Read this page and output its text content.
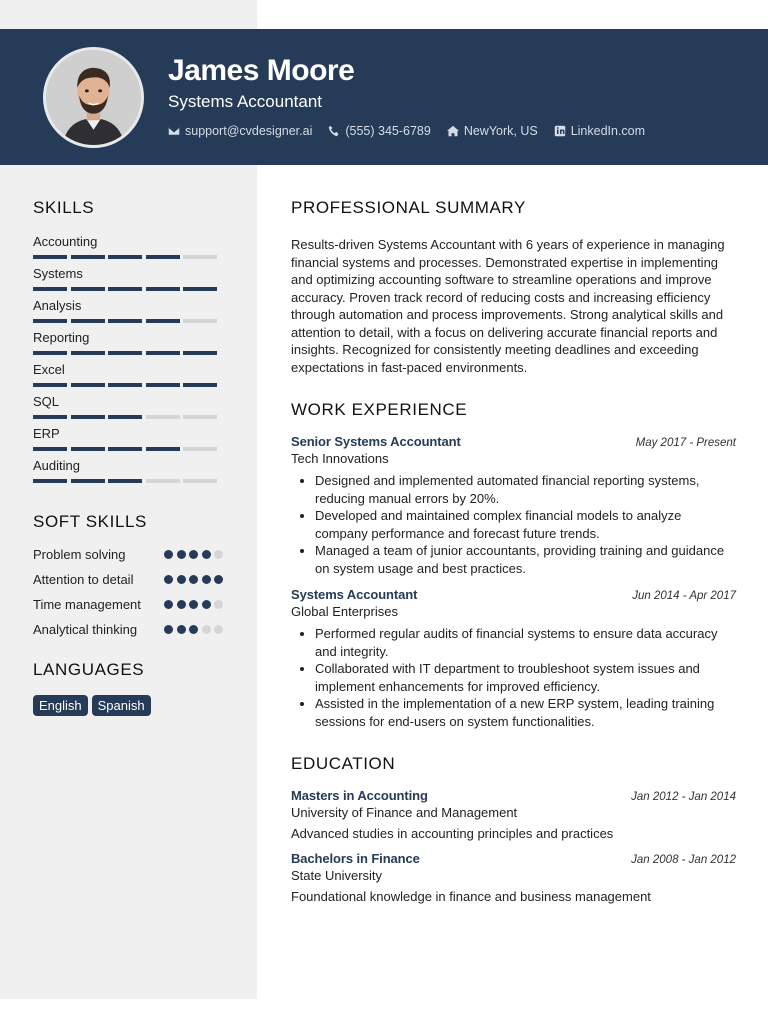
James Moore
Systems Accountant
support@cvdesigner.ai	(555) 345-6789	NewYork, US	LinkedIn.com
SKILLS
Accounting
Systems
Analysis
Reporting
Excel
SQL
ERP
Auditing
SOFT SKILLS
Problem solving
Attention to detail
Time management
Analytical thinking
LANGUAGES
English	Spanish
PROFESSIONAL SUMMARY

Results-driven Systems Accountant with 6 years of experience in managing financial systems and processes. Demonstrated expertise in implementing and optimizing accounting software to streamline operations and improve accuracy. Proven track record of reducing costs and increasing efficiency through automation and process improvements. Strong analytical skills and attention to detail, with a focus on delivering accurate financial reports and insights. Recognized for consistently meeting deadlines and exceeding expectations in fast-paced environments.

WORK EXPERIENCE
Senior Systems Accountant	May 2017 - Present
Tech Innovations
• Designed and implemented automated financial reporting systems, reducing manual errors by 20%.
• Developed and maintained complex financial models to analyze company performance and forecast future trends.
• Managed a team of junior accountants, providing training and guidance on system usage and best practices.
Systems Accountant	Jun 2014 - Apr 2017
Global Enterprises
• Performed regular audits of financial systems to ensure data accuracy and integrity.
• Collaborated with IT department to troubleshoot system issues and implement enhancements for improved efficiency.
• Assisted in the implementation of a new ERP system, leading training sessions for end-users on system functionalities.
EDUCATION
Masters in Accounting	Jan 2012 - Jan 2014
University of Finance and Management
Advanced studies in accounting principles and practices
Bachelors in Finance	Jan 2008 - Jan 2012
State University
Foundational knowledge in finance and business management
